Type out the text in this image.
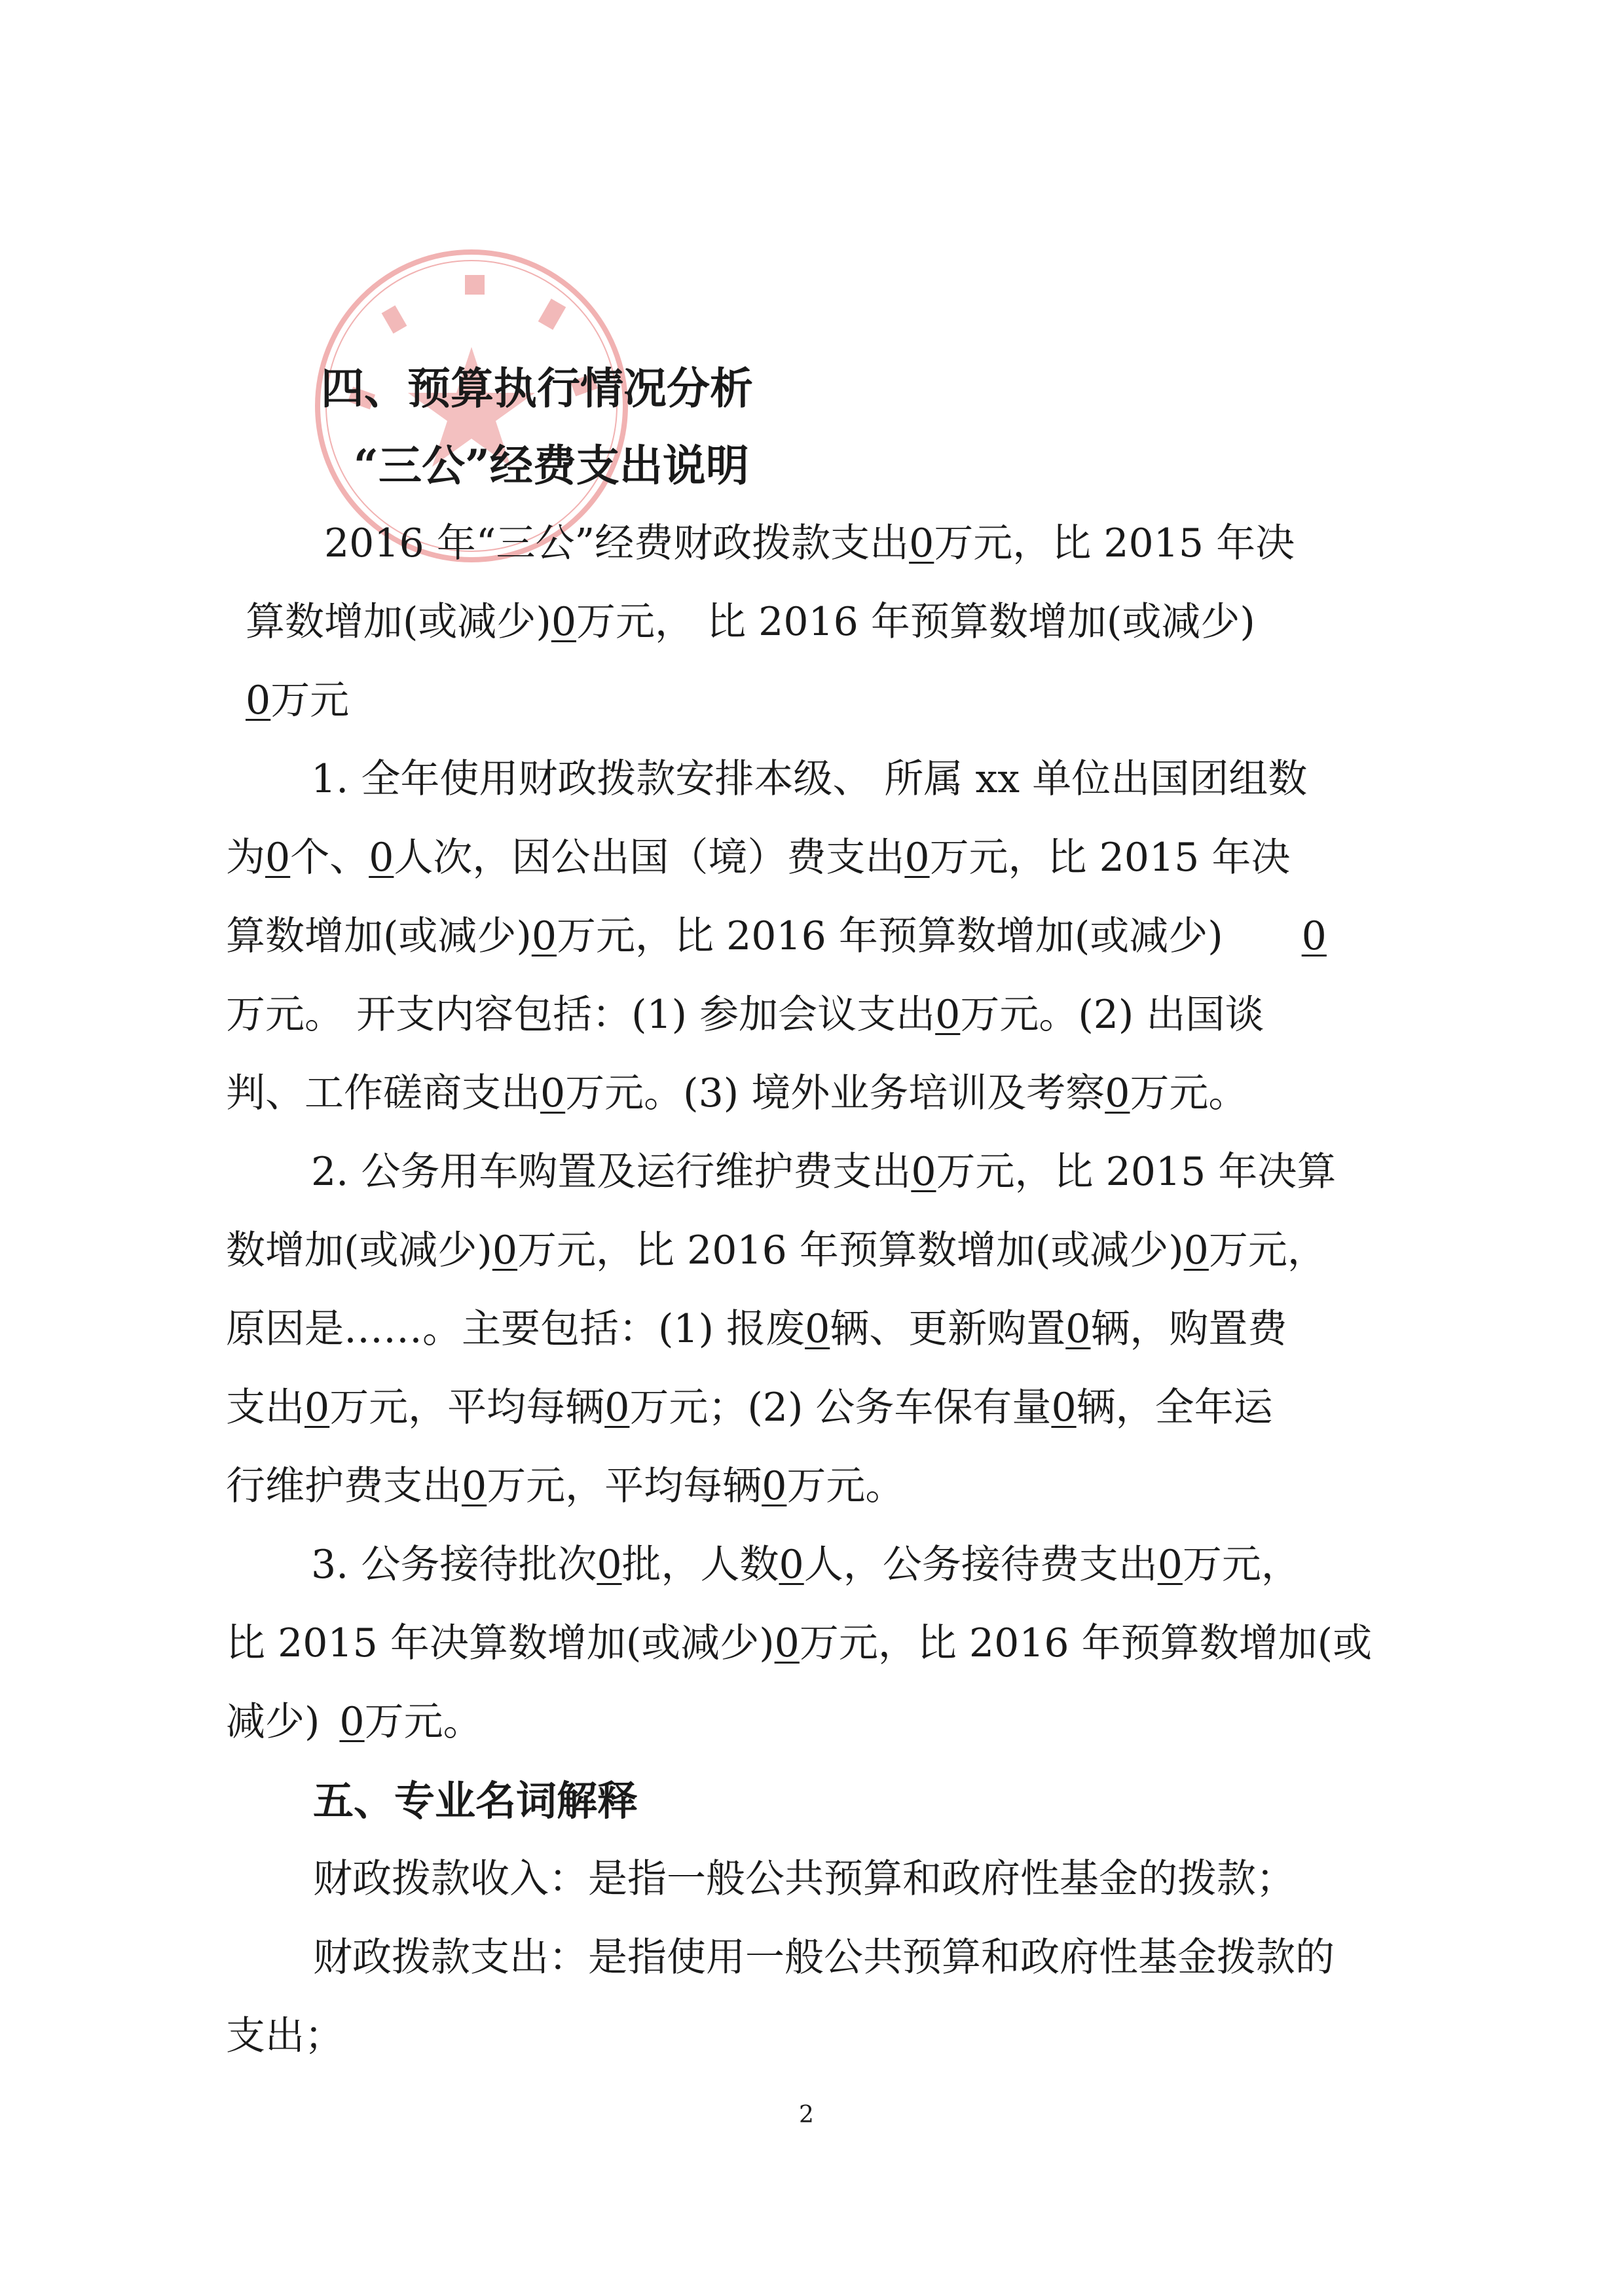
四、预算执行情况分析
“三公”经费支出说明
2016 年“三公”经费财政拨款支出0万元，比 2015 年决
算数增加(或减少)0万元， 比 2016 年预算数增加(或减少)
0万元
1. 全年使用财政拨款安排本级、 所属 xx 单位出国团组数
为0个、0人次，因公出国（境）费支出0万元，比 2015 年决
算数增加(或减少)0万元，比 2016 年预算数增加(或减少) 0
万元。 开支内容包括：(1) 参加会议支出0万元。(2) 出国谈
判、工作磋商支出0万元。(3) 境外业务培训及考察0万元。
2. 公务用车购置及运行维护费支出0万元，比 2015 年决算
数增加(或减少)0万元，比 2016 年预算数增加(或减少)0万元，
原因是……。主要包括：(1) 报废0辆、更新购置0辆，购置费
支出0万元，平均每辆0万元；(2) 公务车保有量0辆，全年运
行维护费支出0万元，平均每辆0万元。
3. 公务接待批次0批，人数0人，公务接待费支出0万元，
比 2015 年决算数增加(或减少)0万元，比 2016 年预算数增加(或
减少) 0万元。
五、专业名词解释
财政拨款收入：是指一般公共预算和政府性基金的拨款；
财政拨款支出：是指使用一般公共预算和政府性基金拨款的
支出；
2
